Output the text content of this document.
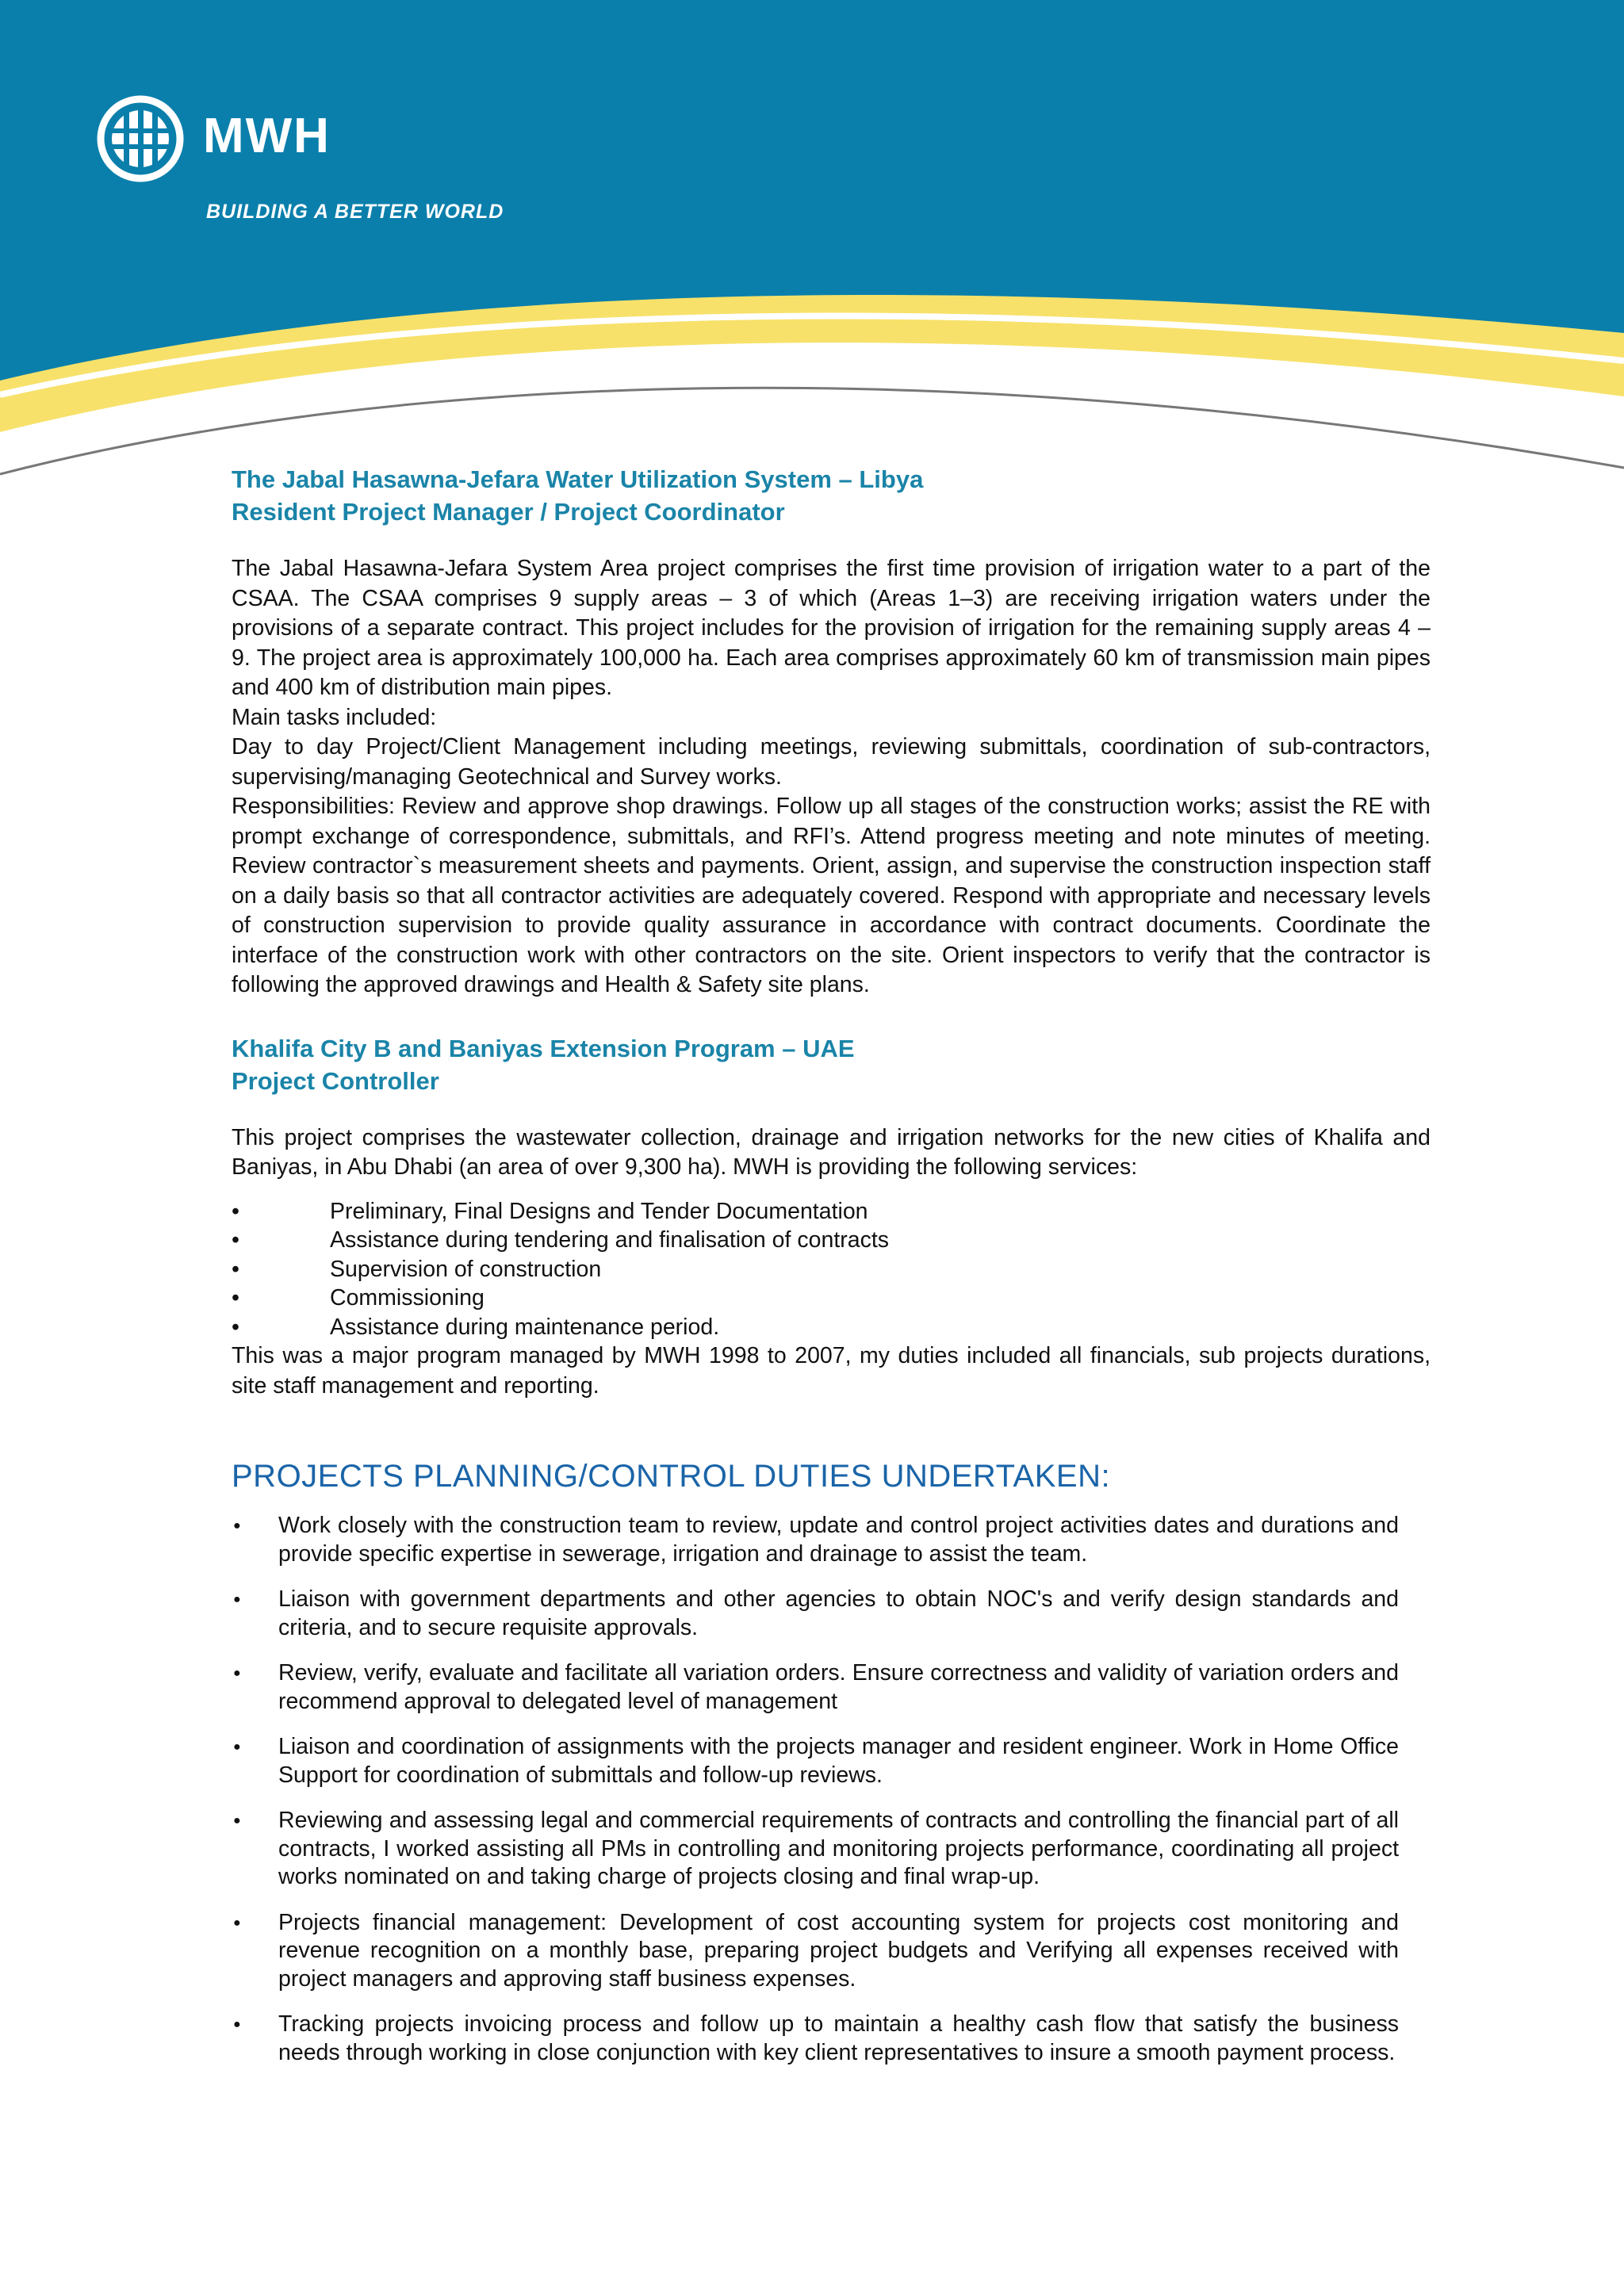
MWH
BUILDING A BETTER WORLD
The Jabal Hasawna-Jefara Water Utilization System – Libya
Resident Project Manager / Project Coordinator

The Jabal Hasawna-Jefara System Area project comprises the first time provision of irrigation water to a part of the CSAA. The CSAA comprises 9 supply areas – 3 of which (Areas 1–3) are receiving irrigation waters under the provisions of a separate contract. This project includes for the provision of irrigation for the remaining supply areas 4 – 9. The project area is approximately 100,000 ha. Each area comprises approximately 60 km of transmission main pipes and 400 km of distribution main pipes.

Main tasks included:

Day to day Project/Client Management including meetings, reviewing submittals, coordination of sub-contractors, supervising/managing Geotechnical and Survey works.

Responsibilities: Review and approve shop drawings. Follow up all stages of the construction works; assist the RE with prompt exchange of correspondence, submittals, and RFI’s. Attend progress meeting and note minutes of meeting. Review contractor`s measurement sheets and payments. Orient, assign, and supervise the construction inspection staff on a daily basis so that all contractor activities are adequately covered. Respond with appropriate and necessary levels of construction supervision to provide quality assurance in accordance with contract documents. Coordinate the interface of the construction work with other contractors on the site. Orient inspectors to verify that the contractor is following the approved drawings and Health & Safety site plans.

Khalifa City B and Baniyas Extension Program – UAE
Project Controller

This project comprises the wastewater collection, drainage and irrigation networks for the new cities of Khalifa and Baniyas, in Abu Dhabi (an area of over 9,300 ha). MWH is providing the following services:

• Preliminary, Final Designs and Tender Documentation
• Assistance during tendering and finalisation of contracts
• Supervision of construction
• Commissioning
• Assistance during maintenance period.

This was a major program managed by MWH 1998 to 2007, my duties included all financials, sub projects durations, site staff management and reporting.

PROJECTS PLANNING/CONTROL DUTIES UNDERTAKEN:
● Work closely with the construction team to review, update and control project activities dates and durations and provide specific expertise in sewerage, irrigation and drainage to assist the team.
● Liaison with government departments and other agencies to obtain NOC's and verify design standards and criteria, and to secure requisite approvals.
● Review, verify, evaluate and facilitate all variation orders. Ensure correctness and validity of variation orders and recommend approval to delegated level of management
● Liaison and coordination of assignments with the projects manager and resident engineer. Work in Home Office Support for coordination of submittals and follow-up reviews.
● Reviewing and assessing legal and commercial requirements of contracts and controlling the financial part of all contracts, I worked assisting all PMs in controlling and monitoring projects performance, coordinating all project works nominated on and taking charge of projects closing and final wrap-up.
● Projects financial management: Development of cost accounting system for projects cost monitoring and revenue recognition on a monthly base, preparing project budgets and Verifying all expenses received with project managers and approving staff business expenses.
● Tracking projects invoicing process and follow up to maintain a healthy cash flow that satisfy the business needs through working in close conjunction with key client representatives to insure a smooth payment process.
